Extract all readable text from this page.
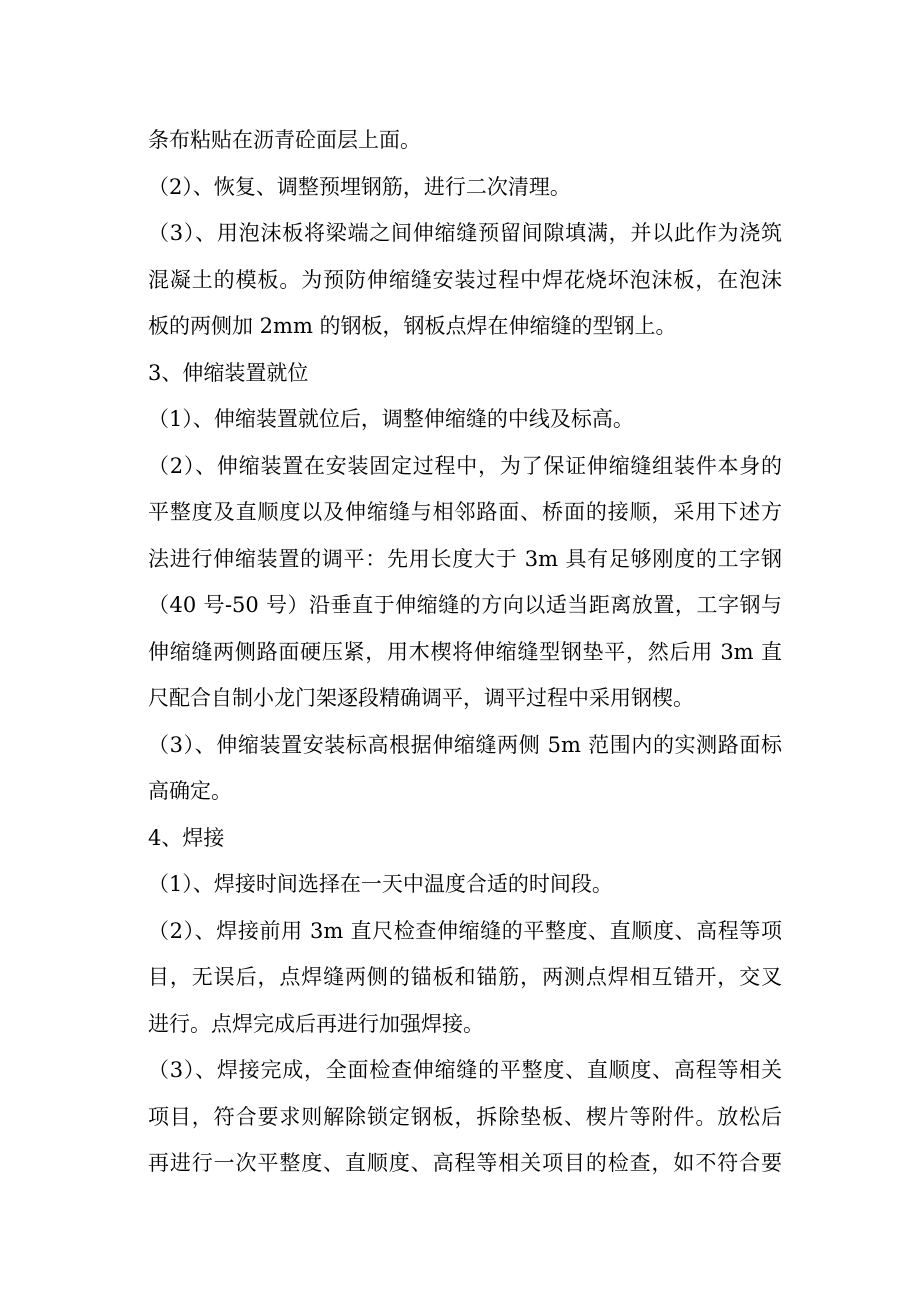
条布粘贴在沥青砼面层上面。
（2）、恢复、调整预埋钢筋，进行二次清理。
（3）、用泡沫板将梁端之间伸缩缝预留间隙填满，并以此作为浇筑
混凝土的模板。为预防伸缩缝安装过程中焊花烧坏泡沫板，在泡沫
板的两侧加 2mm 的钢板，钢板点焊在伸缩缝的型钢上。
3、伸缩装置就位
（1）、伸缩装置就位后，调整伸缩缝的中线及标高。
（2）、伸缩装置在安装固定过程中，为了保证伸缩缝组装件本身的
平整度及直顺度以及伸缩缝与相邻路面、桥面的接顺，采用下述方
法进行伸缩装置的调平：先用长度大于 3m 具有足够刚度的工字钢
（40 号-50 号）沿垂直于伸缩缝的方向以适当距离放置，工字钢与
伸缩缝两侧路面硬压紧，用木楔将伸缩缝型钢垫平，然后用 3m 直
尺配合自制小龙门架逐段精确调平，调平过程中采用钢楔。
（3）、伸缩装置安装标高根据伸缩缝两侧 5m 范围内的实测路面标
高确定。
4、焊接
（1）、焊接时间选择在一天中温度合适的时间段。
（2）、焊接前用 3m 直尺检查伸缩缝的平整度、直顺度、高程等项
目，无误后，点焊缝两侧的锚板和锚筋，两测点焊相互错开，交叉
进行。点焊完成后再进行加强焊接。
（3）、焊接完成，全面检查伸缩缝的平整度、直顺度、高程等相关
项目，符合要求则解除锁定钢板，拆除垫板、楔片等附件。放松后
再进行一次平整度、直顺度、高程等相关项目的检查，如不符合要
